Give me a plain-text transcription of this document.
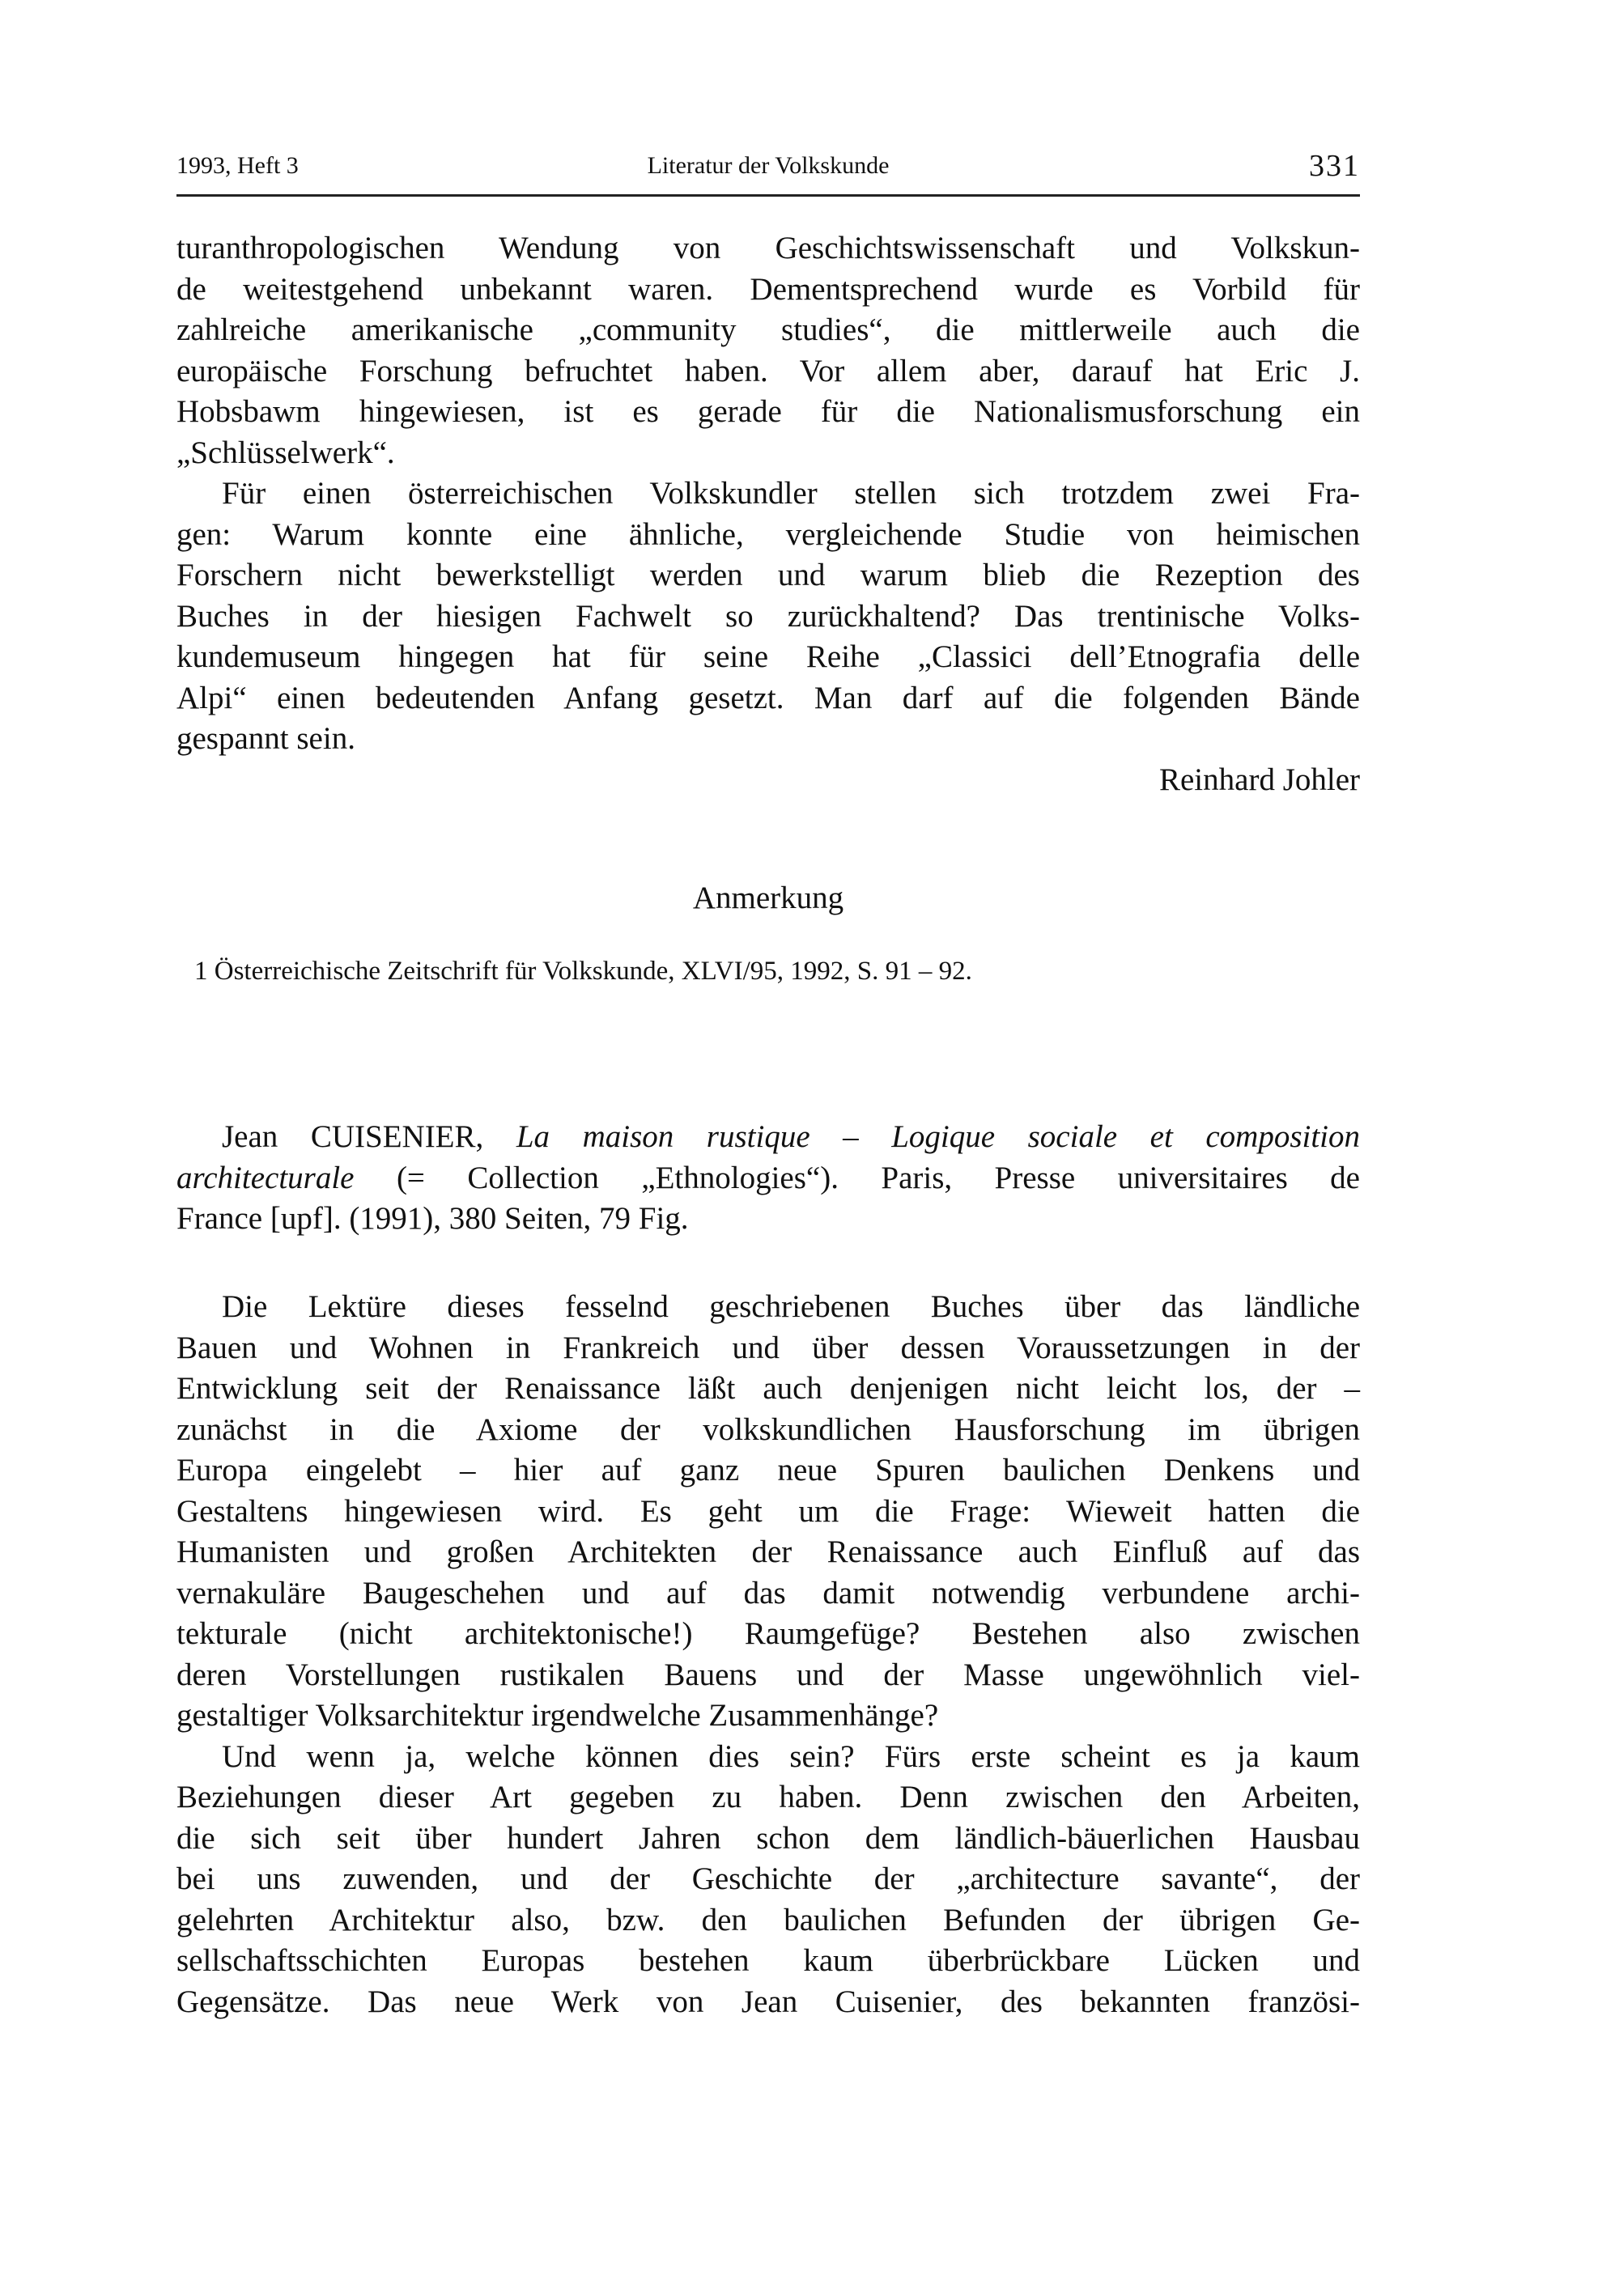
1993, Heft 3	Literatur der Volkskunde	331
turanthropologischen Wendung von Geschichtswissenschaft und Volkskun-
de weitestgehend unbekannt waren. Dementsprechend wurde es Vorbild für
zahlreiche amerikanische „community studies“, die mittlerweile auch die
europäische Forschung befruchtet haben. Vor allem aber, darauf hat Eric J.
Hobsbawm hingewiesen, ist es gerade für die Nationalismusforschung ein
„Schlüsselwerk“.
Für einen österreichischen Volkskundler stellen sich trotzdem zwei Fra-
gen: Warum konnte eine ähnliche, vergleichende Studie von heimischen
Forschern nicht bewerkstelligt werden und warum blieb die Rezeption des
Buches in der hiesigen Fachwelt so zurückhaltend? Das trentinische Volks-
kundemuseum hingegen hat für seine Reihe „Classici dell’Etnografia delle
Alpi“ einen bedeutenden Anfang gesetzt. Man darf auf die folgenden Bände
gespannt sein.
Reinhard Johler
Anmerkung
1 Österreichische Zeitschrift für Volkskunde, XLVI/95, 1992, S. 91 – 92.
Jean CUISENIER, La maison rustique – Logique sociale et composition
architecturale (= Collection „Ethnologies“). Paris, Presse universitaires de
France [upf]. (1991), 380 Seiten, 79 Fig.
Die Lektüre dieses fesselnd geschriebenen Buches über das ländliche
Bauen und Wohnen in Frankreich und über dessen Voraussetzungen in der
Entwicklung seit der Renaissance läßt auch denjenigen nicht leicht los, der –
zunächst in die Axiome der volkskundlichen Hausforschung im übrigen
Europa eingelebt – hier auf ganz neue Spuren baulichen Denkens und
Gestaltens hingewiesen wird. Es geht um die Frage: Wieweit hatten die
Humanisten und großen Architekten der Renaissance auch Einfluß auf das
vernakuläre Baugeschehen und auf das damit notwendig verbundene archi-
tekturale (nicht architektonische!) Raumgefüge? Bestehen also zwischen
deren Vorstellungen rustikalen Bauens und der Masse ungewöhnlich viel-
gestaltiger Volksarchitektur irgendwelche Zusammenhänge?
Und wenn ja, welche können dies sein? Fürs erste scheint es ja kaum
Beziehungen dieser Art gegeben zu haben. Denn zwischen den Arbeiten,
die sich seit über hundert Jahren schon dem ländlich-bäuerlichen Hausbau
bei uns zuwenden, und der Geschichte der „architecture savante“, der
gelehrten Architektur also, bzw. den baulichen Befunden der übrigen Ge-
sellschaftsschichten Europas bestehen kaum überbrückbare Lücken und
Gegensätze. Das neue Werk von Jean Cuisenier, des bekannten französi-
